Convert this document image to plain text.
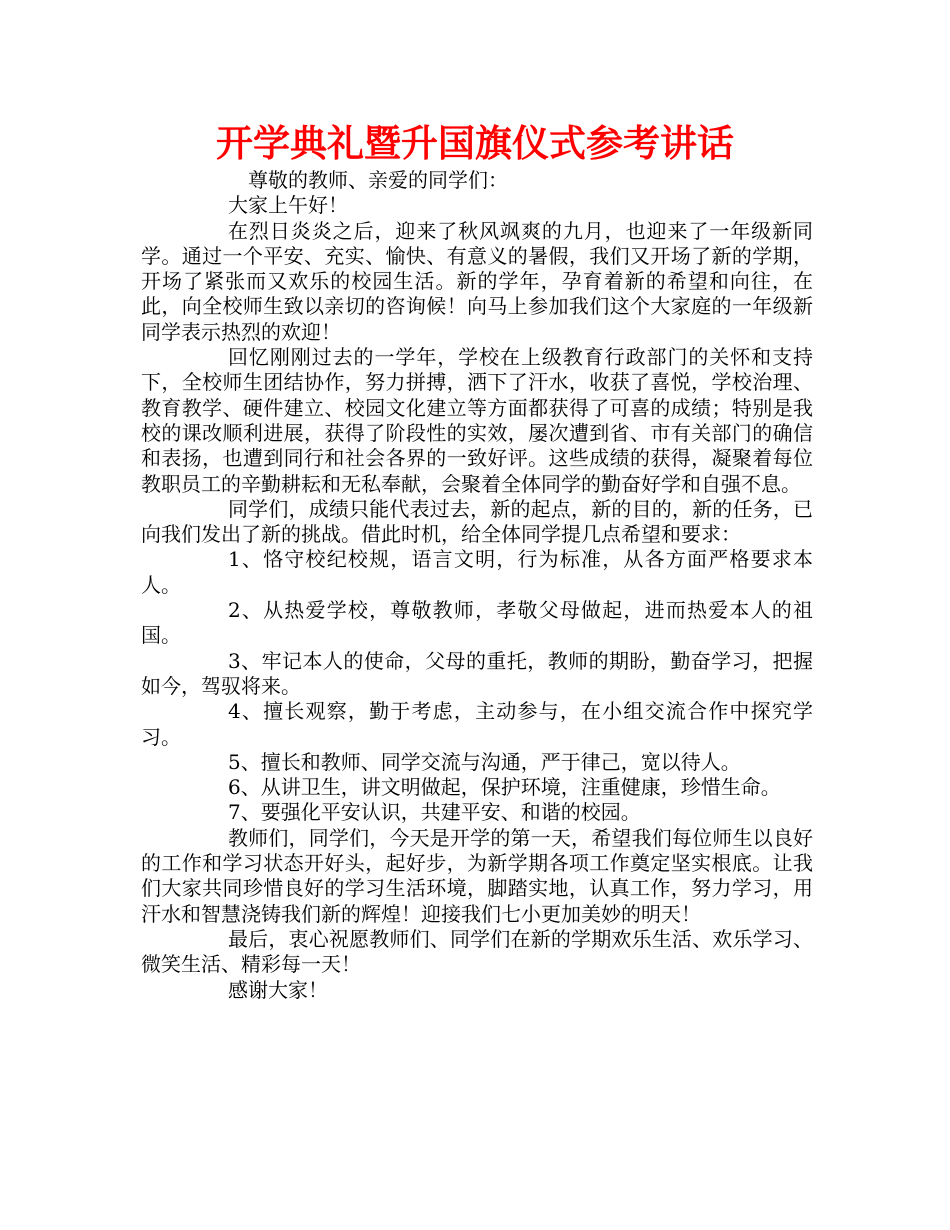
开学典礼暨升国旗仪式参考讲话

尊敬的教师、亲爱的同学们：

大家上午好！

在烈日炎炎之后，迎来了秋风飒爽的九月，也迎来了一年级新同学。通过一个平安、充实、愉快、有意义的暑假，我们又开场了新的学期，开场了紧张而又欢乐的校园生活。新的学年，孕育着新的希望和向往，在此，向全校师生致以亲切的咨询候！向马上参加我们这个大家庭的一年级新同学表示热烈的欢迎！

回忆刚刚过去的一学年，学校在上级教育行政部门的关怀和支持下，全校师生团结协作，努力拼搏，洒下了汗水，收获了喜悦，学校治理、教育教学、硬件建立、校园文化建立等方面都获得了可喜的成绩；特别是我校的课改顺利进展，获得了阶段性的实效，屡次遭到省、市有关部门的确信和表扬，也遭到同行和社会各界的一致好评。这些成绩的获得，凝聚着每位教职员工的辛勤耕耘和无私奉献，会聚着全体同学的勤奋好学和自强不息。

同学们，成绩只能代表过去，新的起点，新的目的，新的任务，已向我们发出了新的挑战。借此时机，给全体同学提几点希望和要求：

1、恪守校纪校规，语言文明，行为标准，从各方面严格要求本人。

2、从热爱学校，尊敬教师，孝敬父母做起，进而热爱本人的祖国。

3、牢记本人的使命，父母的重托，教师的期盼，勤奋学习，把握如今，驾驭将来。

4、擅长观察，勤于考虑，主动参与，在小组交流合作中探究学习。

5、擅长和教师、同学交流与沟通，严于律己，宽以待人。

6、从讲卫生，讲文明做起，保护环境，注重健康，珍惜生命。

7、要强化平安认识，共建平安、和谐的校园。

教师们，同学们，今天是开学的第一天，希望我们每位师生以良好的工作和学习状态开好头，起好步，为新学期各项工作奠定坚实根底。让我们大家共同珍惜良好的学习生活环境，脚踏实地，认真工作，努力学习，用汗水和智慧浇铸我们新的辉煌！迎接我们七小更加美妙的明天！

最后，衷心祝愿教师们、同学们在新的学期欢乐生活、欢乐学习、微笑生活、精彩每一天！

感谢大家！
